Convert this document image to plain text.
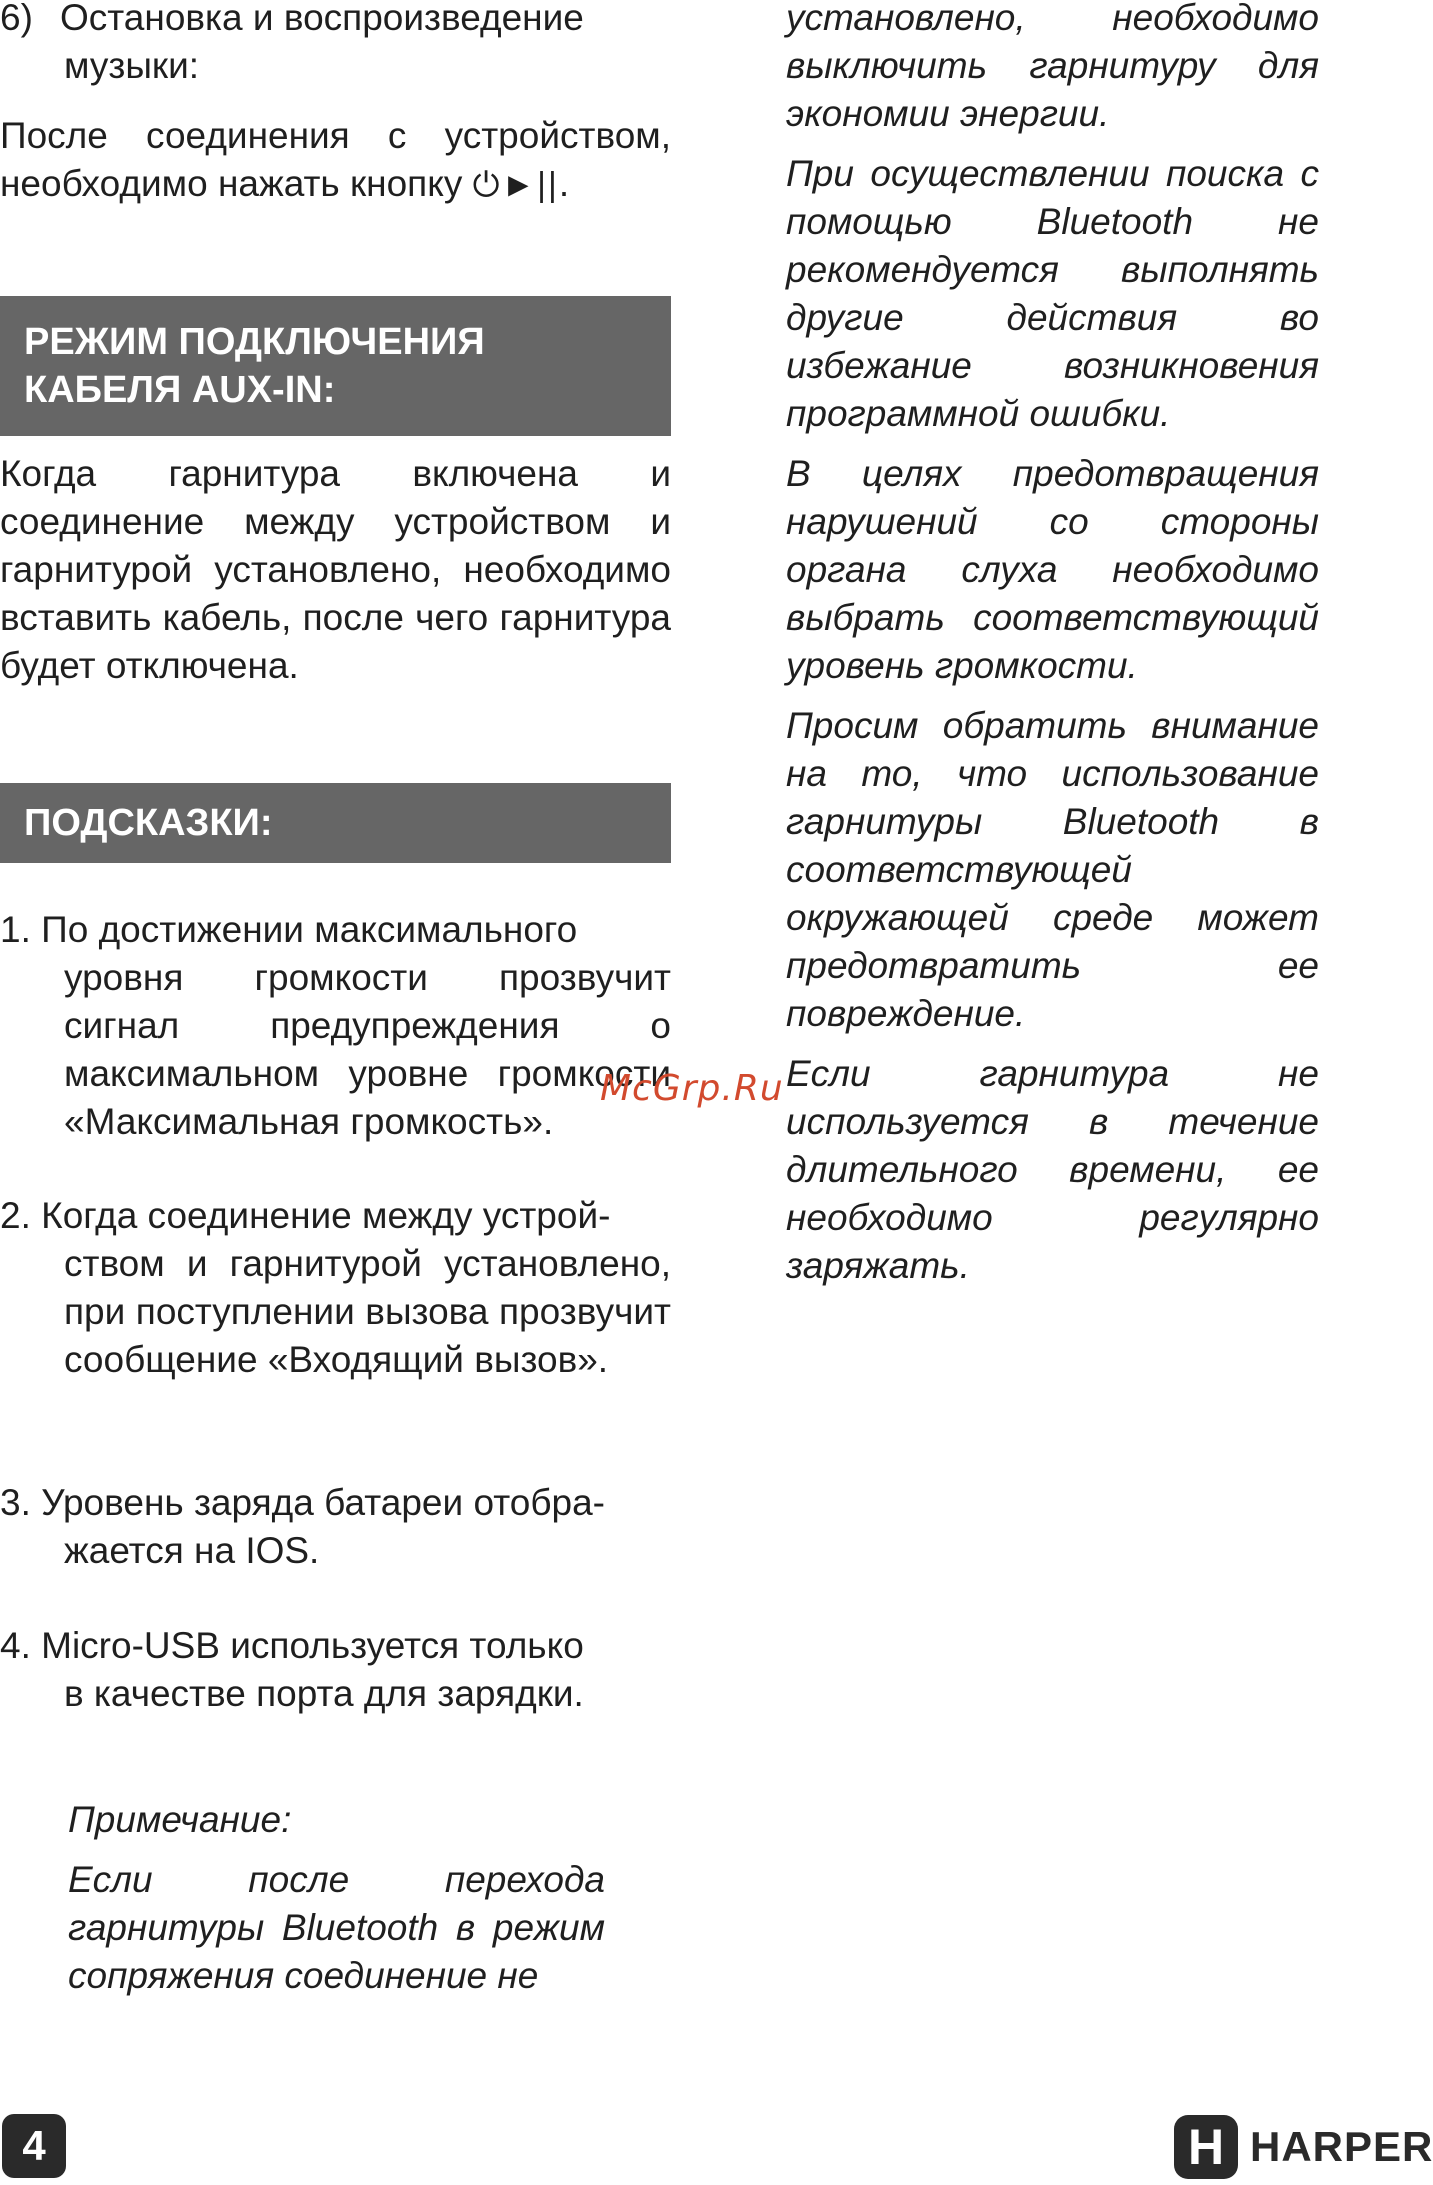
6) Остановка и воспроизведение

музыки:

После соединения с устройством, необходимо нажать кнопку ⏻►||.

РЕЖИМ ПОДКЛЮЧЕНИЯ КАБЕЛЯ AUX-IN:

Когда гарнитура включена и соединение между устройством и гарнитурой установлено, необходимо вставить кабель, после чего гарнитура будет отключена.

ПОДСКАЗКИ:

1. По достижении максимального

уровня громкости прозвучит сигнал предупреждения о максимальном уровне громкости «Максимальная громкость».

2. Когда соединение между устрой-

ством и гарнитурой установлено, при поступлении вызова прозвучит сообщение «Входящий вызов».

3. Уровень заряда батареи отобра-

жается на IOS.

4. Micro-USB используется только

в качестве порта для зарядки.

Примечание:

Если после перехода гарнитуры Bluetooth в режим сопряжения соединение не

установлено, необходимо выключить гарнитуру для экономии энергии.

При осуществлении поиска с помощью Bluetooth не рекомендуется выполнять другие действия во избежание возникновения программной ошибки.

В целях предотвращения нарушений со стороны органа слуха необходимо выбрать соответствующий уровень громкости.

Просим обратить внимание на то, что использование гарнитуры Bluetooth в соответствующей окружающей среде может предотвратить ее повреждение.

Если гарнитура не используется в течение длительного времени, ее необходимо регулярно заряжать.

McGrp.Ru
4	H HARPER
